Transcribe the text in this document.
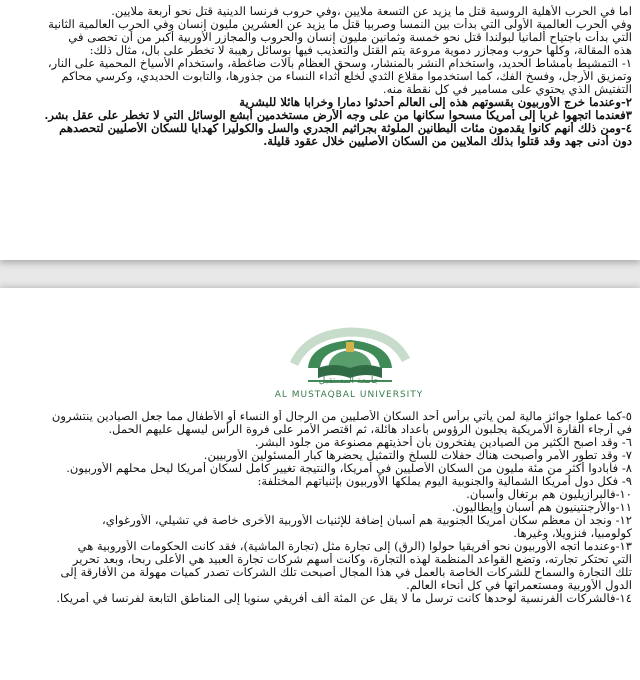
اما في الحرب الأهلية الروسية قتل ما يزيد عن التسعة ملايين ،وفي حروب فرنسا الدينية قتل نحو أربعة ملايين.
وفي الحرب العالمية الأولى التي بدأت بين النمسا وصربيا قتل ما يزيد عن العشرين مليون إنسان وفي الحرب العالمية الثانية
التي بدأت باجتياح ألمانيا لبولندا قتل نحو خمسة وثمانين مليون إنسان والحروب والمجازر الأوربية أكبر من أن تحصى في
هذه المقالة، وكلها حروب ومجازر دموية مروعة يتم القتل والتعذيب فيها بوسائل رهيبة لا تخطر على بال، مثال ذلك:
١- التمشيط بأمشاط الحديد، واستخدام النشر بالمنشار، وسحق العظام بآلات ضاغطة، واستخدام الأسياخ المحمية على النار،
وتمزيق الأرجل، وفسخ الفك، كما استخدموا مقلاع الثدي لخلع أثداء النساء من جذورها، والتابوت الحديدي، وكرسي محاكم
التفتيش الذي يحتوي على مسامير في كل نقطة منه.
٢-وعندما خرج الأوربيون بقسوتهم هذه إلى العالم أحدثوا دمارا وخرابا هائلا للبشرية
٣فعندما اتجهوا غربا إلى أمريكا مسحوا سكانها من على وجه الأرض مستخدمين أبشع الوسائل التي لا تخطر على عقل بشر.
٤-ومن ذلك أنهم كانوا يقدمون مئات البطانين الملوثة بجراثيم الجدري والسل والكوليرا كهدايا للسكان الأصليين لتحصدهم
دون أدنى جهد وقد قتلوا بذلك الملايين من السكان الأصليين خلال عقود قليلة.
جامعة المستقبل
AL MUSTAQBAL UNIVERSITY
٥-كما عملوا جوائز مالية لمن يأتي برأس أحد السكان الأصليين من الرجال أو النساء أو الأطفال مما جعل الصيادين ينتشرون
في أرجاء القارة الأمريكية يجلبون الرؤوس بأعداد هائلة، ثم اقتصر الأمر على فروة الرأس ليسهل عليهم الحمل.
٦- وقد اصبح الكثير من الصيادين يفتخرون بأن أحذيتهم مصنوعة من جلود البشر.
٧- وقد تطور الأمر وأصبحت هناك حفلات للسلخ والتمثيل يحضرها كبار المسئولين الأوربيين.
٨- فأبادوا أكثر من مئة مليون من السكان الأصليين في أمريكا، والنتيجة تغيير كامل لسكان أمريكا ليحل محلهم الأوربيون.
٩- فكل دول أمريكا الشمالية والجنوبية اليوم يملكها الأوربيون بإثنياتهم المختلفة:
١٠-فالبرازيليون هم برتغال وأسبان.
١١-والأرجنتينيون هم أسبان وإيطاليون.
١٢- ونجد أن معظم سكان أمريكا الجنوبية هم أسبان إضافة للإثنيات الأوربية الأخرى خاصة في تشيلي، الأورغواي،
كولومبيا، فنزويلا، وغيرها.
١٣-وعندما اتجه الأوربيون نحو أفريقيا حولوا (الرق) إلى تجارة مثل (تجارة الماشية)، فقد كانت الحكومات الأوروبية هي
التي تحتكر تجارته، وتضع القواعد المنظمة لهذه التجارة، وكانت أسهم شركات تجارة العبيد هي الأعلى ربحا، وبعد تحرير
تلك التجارة والسماح للشركات الخاصة بالعمل في هذا المجال أصبحت تلك الشركات تصدر كميات مهولة من الأفارقة إلى
الدول الأوربية ومستعمراتها في كل أنحاء العالم.
١٤-فالشركات الفرنسية لوحدها كانت ترسل ما لا يقل عن المئة ألف أفريقي سنويا إلى المناطق التابعة لفرنسا في أمريكا.
